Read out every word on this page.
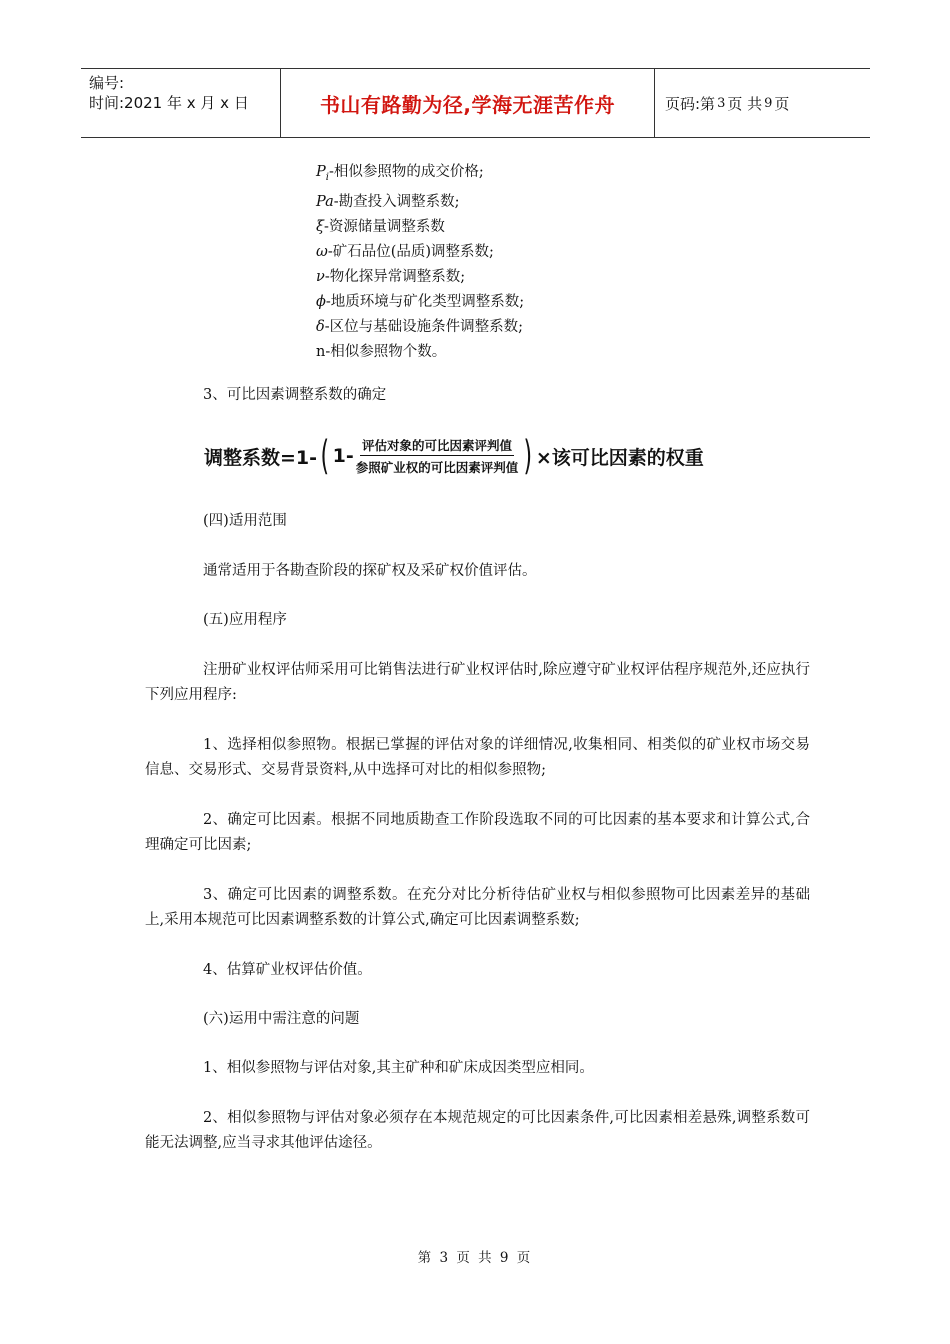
编号:
时间:2021 年 x 月 x 日	书山有路勤为径,学海无涯苦作舟	页码:第 3 页 共 9 页
$P_i-$相似参照物的成交价格;
Pa-勘查投入调整系数;
ξ-资源储量调整系数
ω-矿石品位(品质)调整系数;
ν-物化探异常调整系数;
ϕ-地质环境与矿化类型调整系数;
δ-区位与基础设施条件调整系数;
n-相似参照物个数。
3、可比因素调整系数的确定
调整系数=1- ( $1- \frac{\text{评估对象的可比因素评判值}}{\text{参照矿业权的可比因素评判值}}$ ) ×该可比因素的权重
(四)适用范围
通常适用于各勘查阶段的探矿权及采矿权价值评估。
(五)应用程序
注册矿业权评估师采用可比销售法进行矿业权评估时,除应遵守矿业权评估程序规范外,还应执行下列应用程序:
1、选择相似参照物。根据已掌握的评估对象的详细情况,收集相同、相类似的矿业权市场交易信息、交易形式、交易背景资料,从中选择可对比的相似参照物;
2、确定可比因素。根据不同地质勘查工作阶段选取不同的可比因素的基本要求和计算公式,合理确定可比因素;
3、确定可比因素的调整系数。在充分对比分析待估矿业权与相似参照物可比因素差异的基础上,采用本规范可比因素调整系数的计算公式,确定可比因素调整系数;
4、估算矿业权评估价值。
(六)运用中需注意的问题
1、相似参照物与评估对象,其主矿种和矿床成因类型应相同。
2、相似参照物与评估对象必须存在本规范规定的可比因素条件,可比因素相差悬殊,调整系数可能无法调整,应当寻求其他评估途径。
第 3 页 共 9 页
